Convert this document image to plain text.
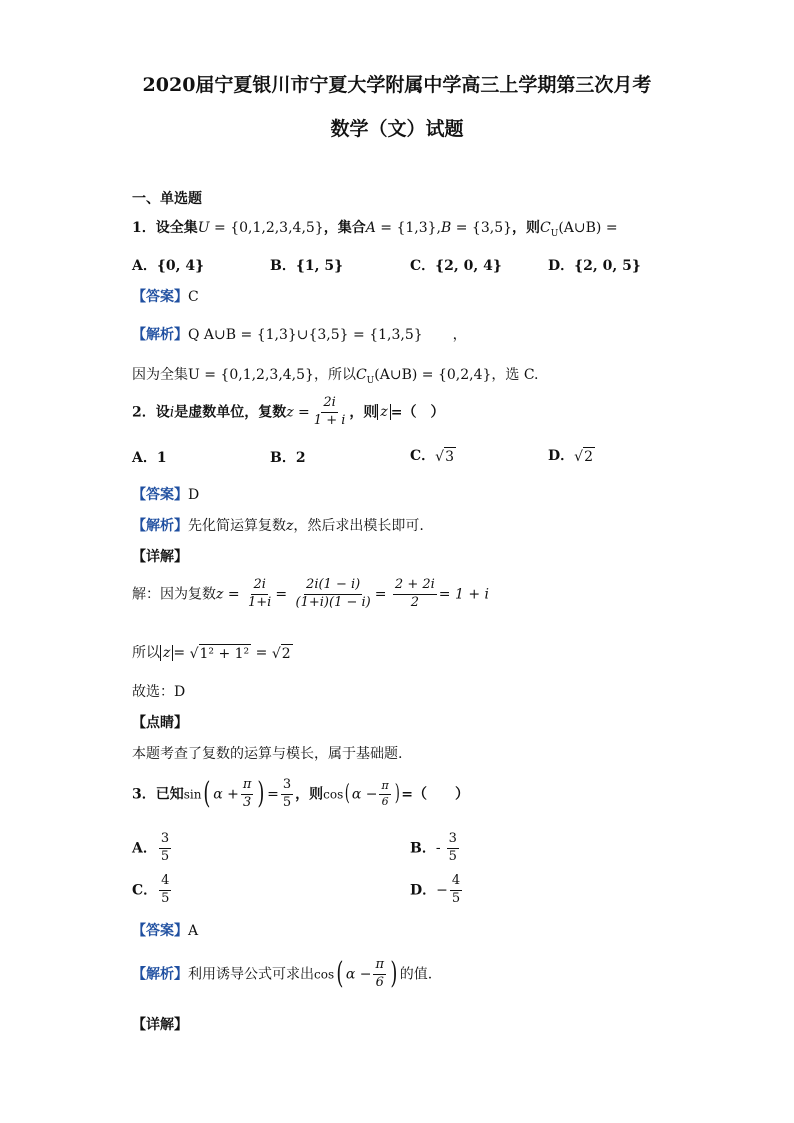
2020届宁夏银川市宁夏大学附属中学高三上学期第三次月考
数学（文）试题
一、单选题
1．设全集U = {0,1,2,3,4,5}，集合A = {1,3},B = {3,5}，则$C_U(A\cup B)$ =
A．{0, 4}	B．{1, 5}	C．{2, 0, 4}	D．{2, 0, 5}
【答案】C
【解析】Q A∪B = {1,3}∪{3,5} = {1,3,5} ，
因为全集U = {0,1,2,3,4,5}，所以$C_U(A\cup B) = \{0,2,4\}$，选 C.
2．设i是虚数单位，复数$z = \frac{2i}{1 + i}$ ，则 z =（　）
A．1	B．2	C． √ 3	D． √ 2
【答案】D
【解析】先化简运算复数z，然后求出模长即可.
【详解】
解：因为复数$z = \frac{2i}{1+i} = \frac{2i(1 - i)}{(1+i)(1 - i)} = \frac{2 + 2i}{2} = 1 + i$
所以 z = √ 1² + 1² = √ 2
故选：D
【点睛】
本题考查了复数的运算与模长，属于基础题.
3．已知sin( $\alpha + \frac{\pi}{3}$ ) = $\frac{3}{5}$ ，则cos( $\alpha - \frac{\pi}{6}$ ) =（　　）
A． $\frac{3}{5}$	B．- $\frac{3}{5}$
C． $\frac{4}{5}$	D．− $\frac{4}{5}$
【答案】A
【解析】利用诱导公式可求出cos( $\alpha - \frac{\pi}{6}$ ) 的值.
【详解】
